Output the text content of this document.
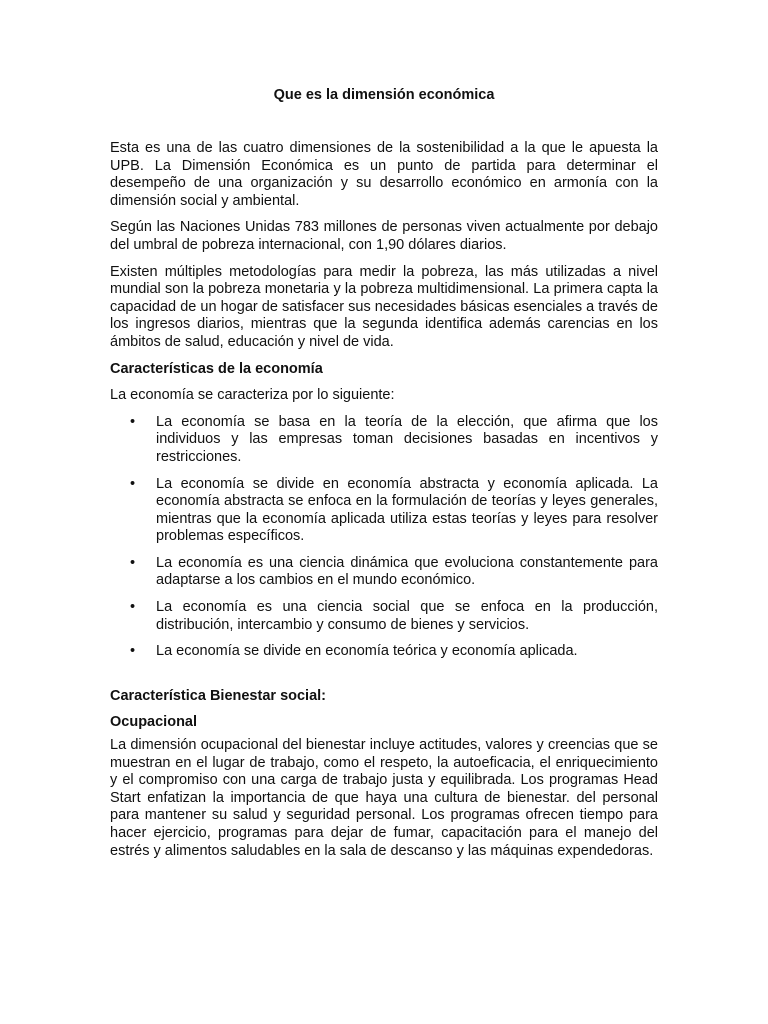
Que es la dimensión económica

Esta es una de las cuatro dimensiones de la sostenibilidad a la que le apuesta la UPB. La Dimensión Económica es un punto de partida para determinar el desempeño de una organización y su desarrollo económico en armonía con la dimensión social y ambiental.

Según las Naciones Unidas 783 millones de personas viven actualmente por debajo del umbral de pobreza internacional, con 1,90 dólares diarios.

Existen múltiples metodologías para medir la pobreza, las más utilizadas a nivel mundial son la pobreza monetaria y la pobreza multidimensional. La primera capta la capacidad de un hogar de satisfacer sus necesidades básicas esenciales a través de los ingresos diarios, mientras que la segunda identifica además carencias en los ámbitos de salud, educación y nivel de vida.

Características de la economía

La economía se caracteriza por lo siguiente:

• La economía se basa en la teoría de la elección, que afirma que los individuos y las empresas toman decisiones basadas en incentivos y restricciones.
• La economía se divide en economía abstracta y economía aplicada. La economía abstracta se enfoca en la formulación de teorías y leyes generales, mientras que la economía aplicada utiliza estas teorías y leyes para resolver problemas específicos.
• La economía es una ciencia dinámica que evoluciona constantemente para adaptarse a los cambios en el mundo económico.
• La economía es una ciencia social que se enfoca en la producción, distribución, intercambio y consumo de bienes y servicios.
• La economía se divide en economía teórica y economía aplicada.
Característica Bienestar social:
Ocupacional

La dimensión ocupacional del bienestar incluye actitudes, valores y creencias que se muestran en el lugar de trabajo, como el respeto, la autoeficacia, el enriquecimiento y el compromiso con una carga de trabajo justa y equilibrada. Los programas Head Start enfatizan la importancia de que haya una cultura de bienestar. del personal para mantener su salud y seguridad personal. Los programas ofrecen tiempo para hacer ejercicio, programas para dejar de fumar, capacitación para el manejo del estrés y alimentos saludables en la sala de descanso y las máquinas expendedoras.
